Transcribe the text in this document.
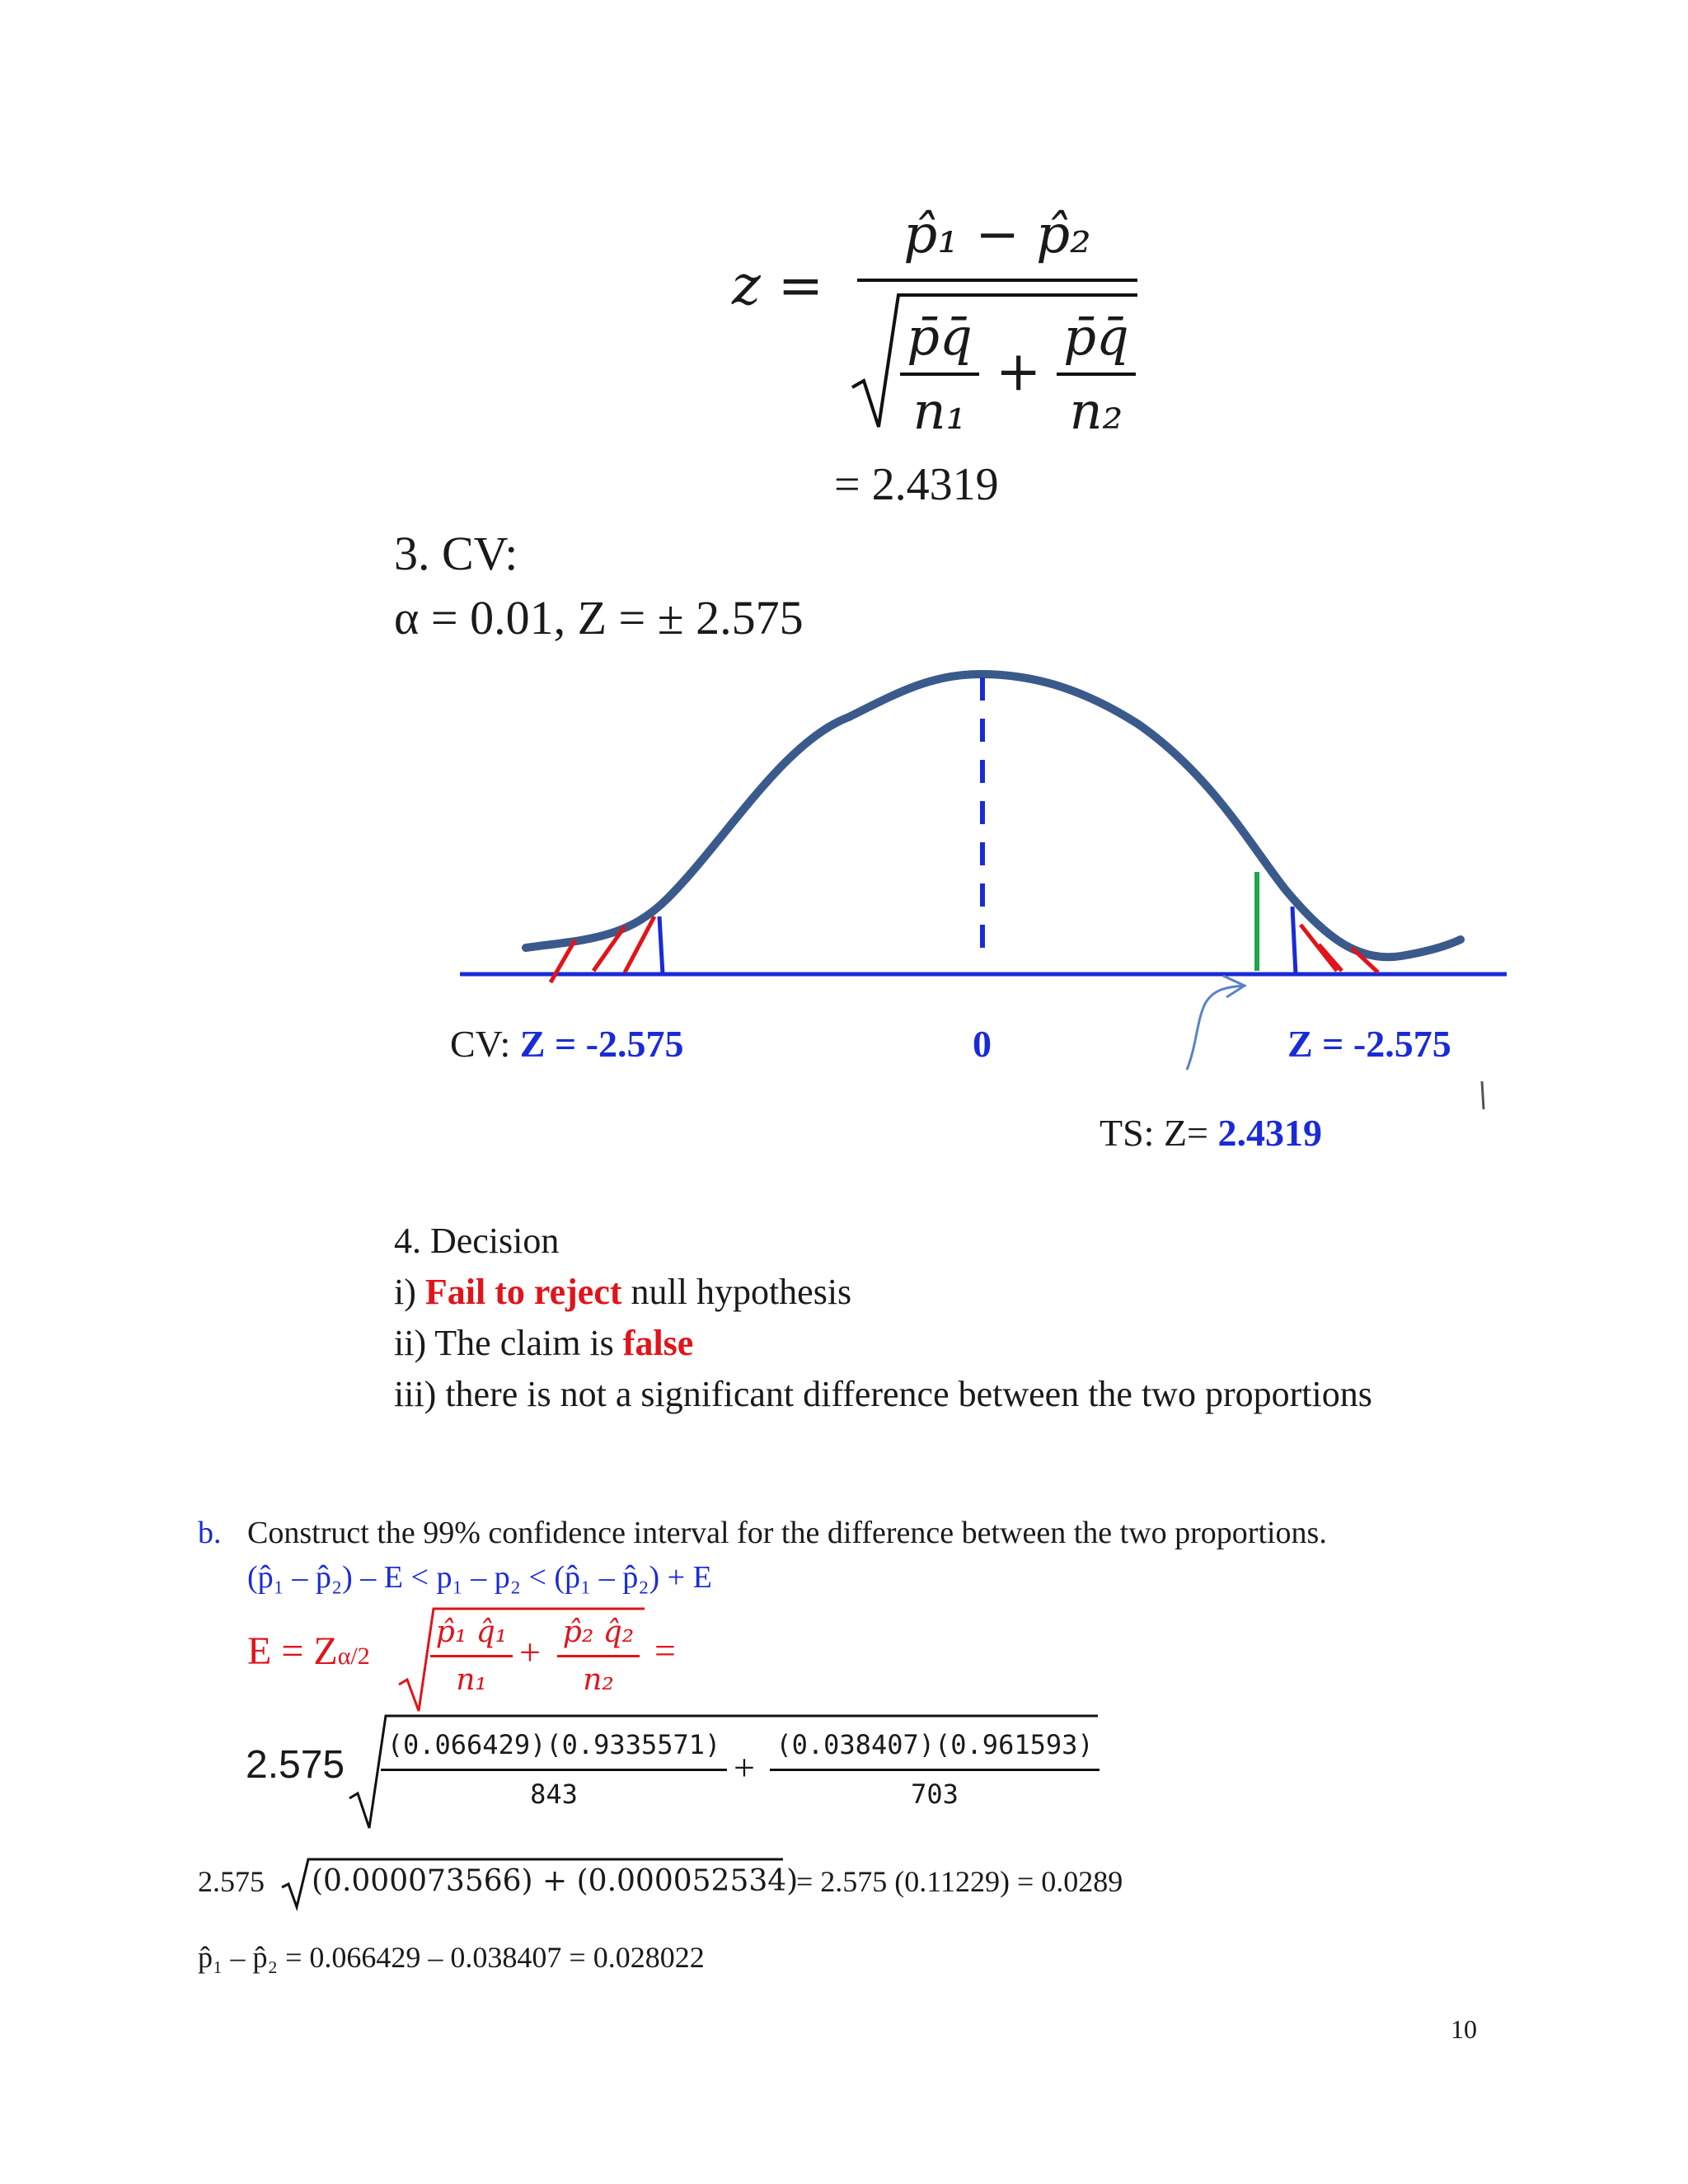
z =
p̂₁ − p̂₂
p̄q̄
n₁
+
p̄q̄
n₂
= 2.4319
3. CV:
α = 0.01, Z = ± 2.575
CV: Z = -2.575	0	Z = -2.575
TS: Z= 2.4319
4. Decision
i) Fail to reject null hypothesis
ii) The claim is false
iii) there is not a significant difference between the two proportions
b. Construct the 99% confidence interval for the difference between the two proportions.
(p̂₁ – p̂₂) – E < p₁ – p₂ < (p̂₁ – p̂₂) + E
E = Zα/2
p̂₁ q̂₁
n₁
+ p̂₂ q̂₂
n₂
=
2.575 (0.066429)(0.9335571)
843
+
(0.038407)(0.961593)
703
2.575 (0.000073566) + (0.000052534)
= 2.575 (0.11229) = 0.0289
p̂₁ – p̂₂ = 0.066429 – 0.038407 = 0.028022
10
